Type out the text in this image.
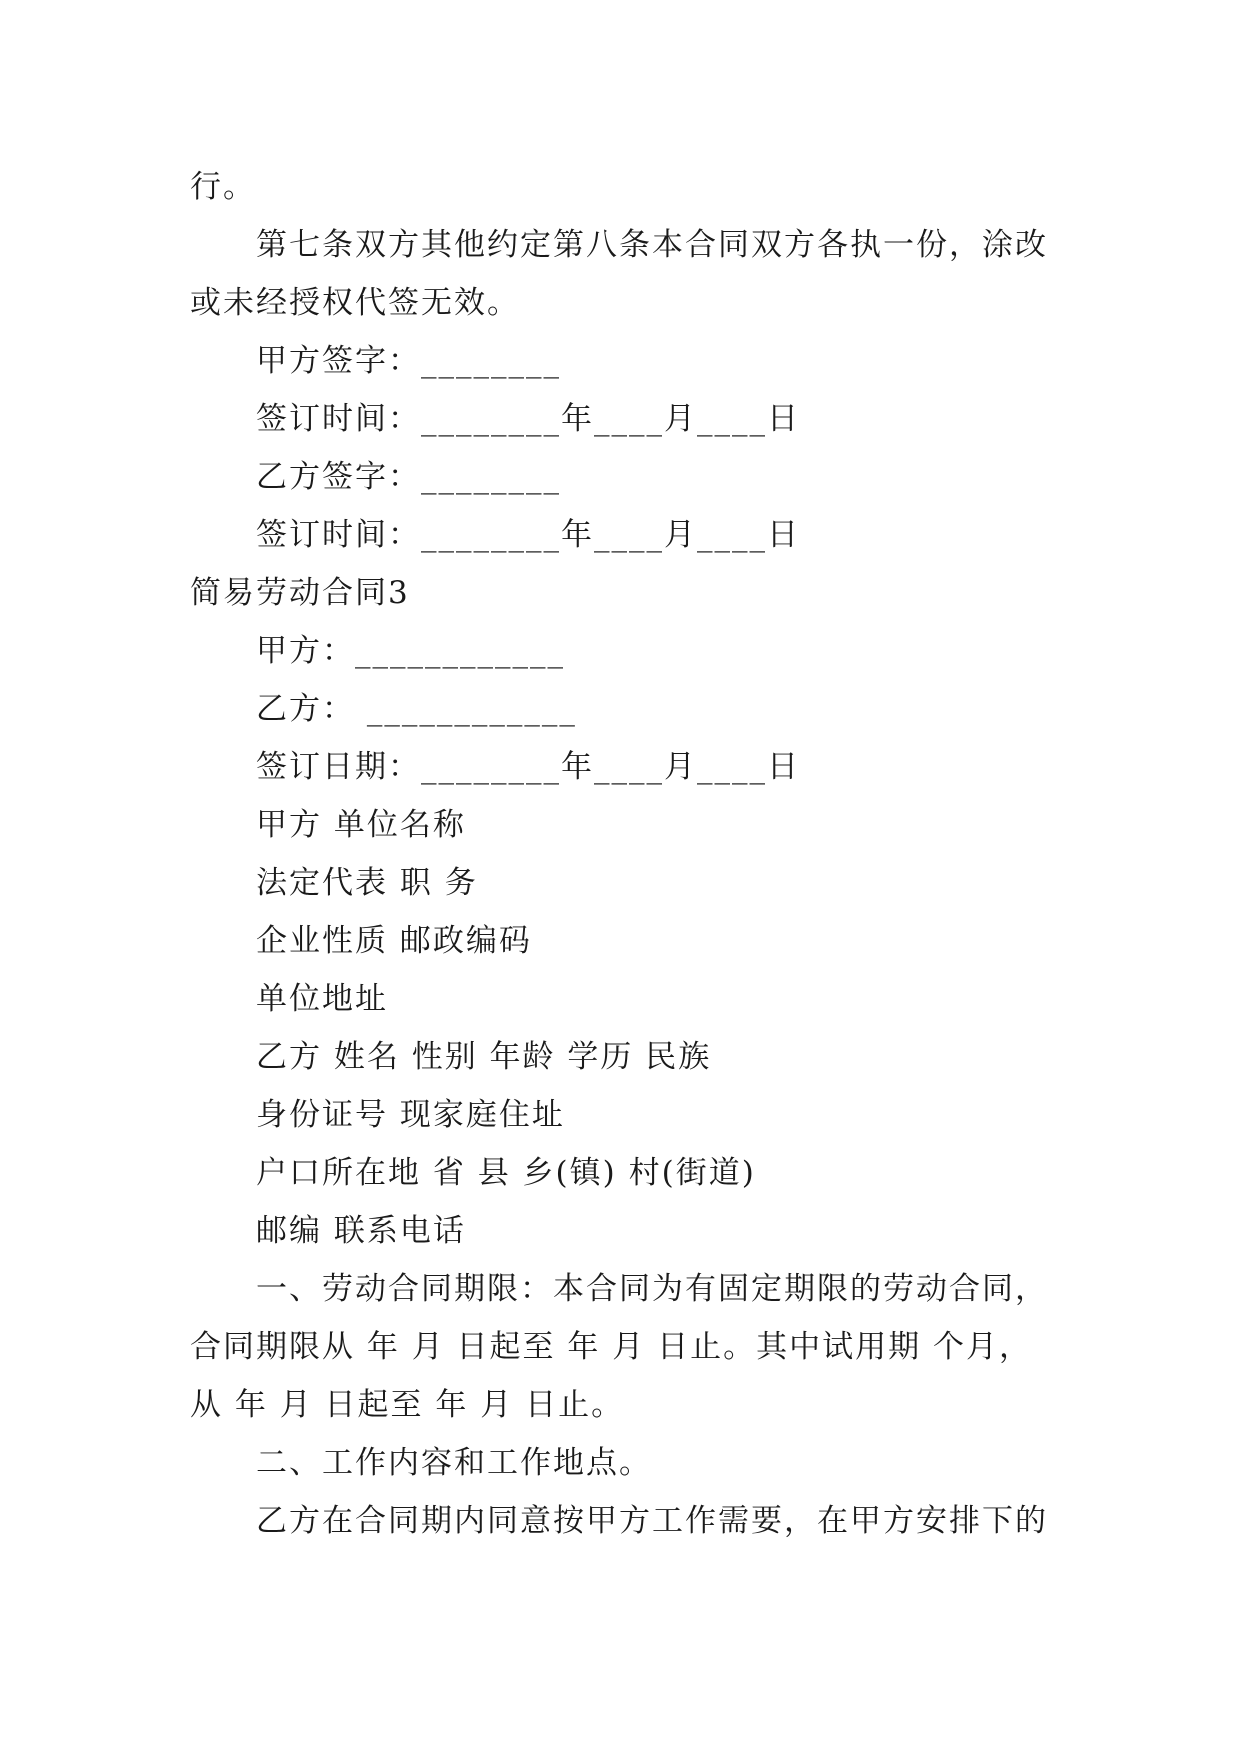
行。
第七条双方其他约定第八条本合同双方各执一份，涂改
或未经授权代签无效。
甲方签字：________
签订时间：________年____月____日
乙方签字：________
签订时间：________年____月____日
简易劳动合同3
甲方：____________
乙方： ____________
签订日期：________年____月____日
甲方 单位名称
法定代表 职 务
企业性质 邮政编码
单位地址
乙方 姓名 性别 年龄 学历 民族
身份证号 现家庭住址
户口所在地 省 县 乡(镇) 村(街道)
邮编 联系电话
一、劳动合同期限：本合同为有固定期限的劳动合同，
合同期限从 年 月 日起至 年 月 日止。其中试用期 个月，
从 年 月 日起至 年 月 日止。
二、工作内容和工作地点。
乙方在合同期内同意按甲方工作需要，在甲方安排下的
